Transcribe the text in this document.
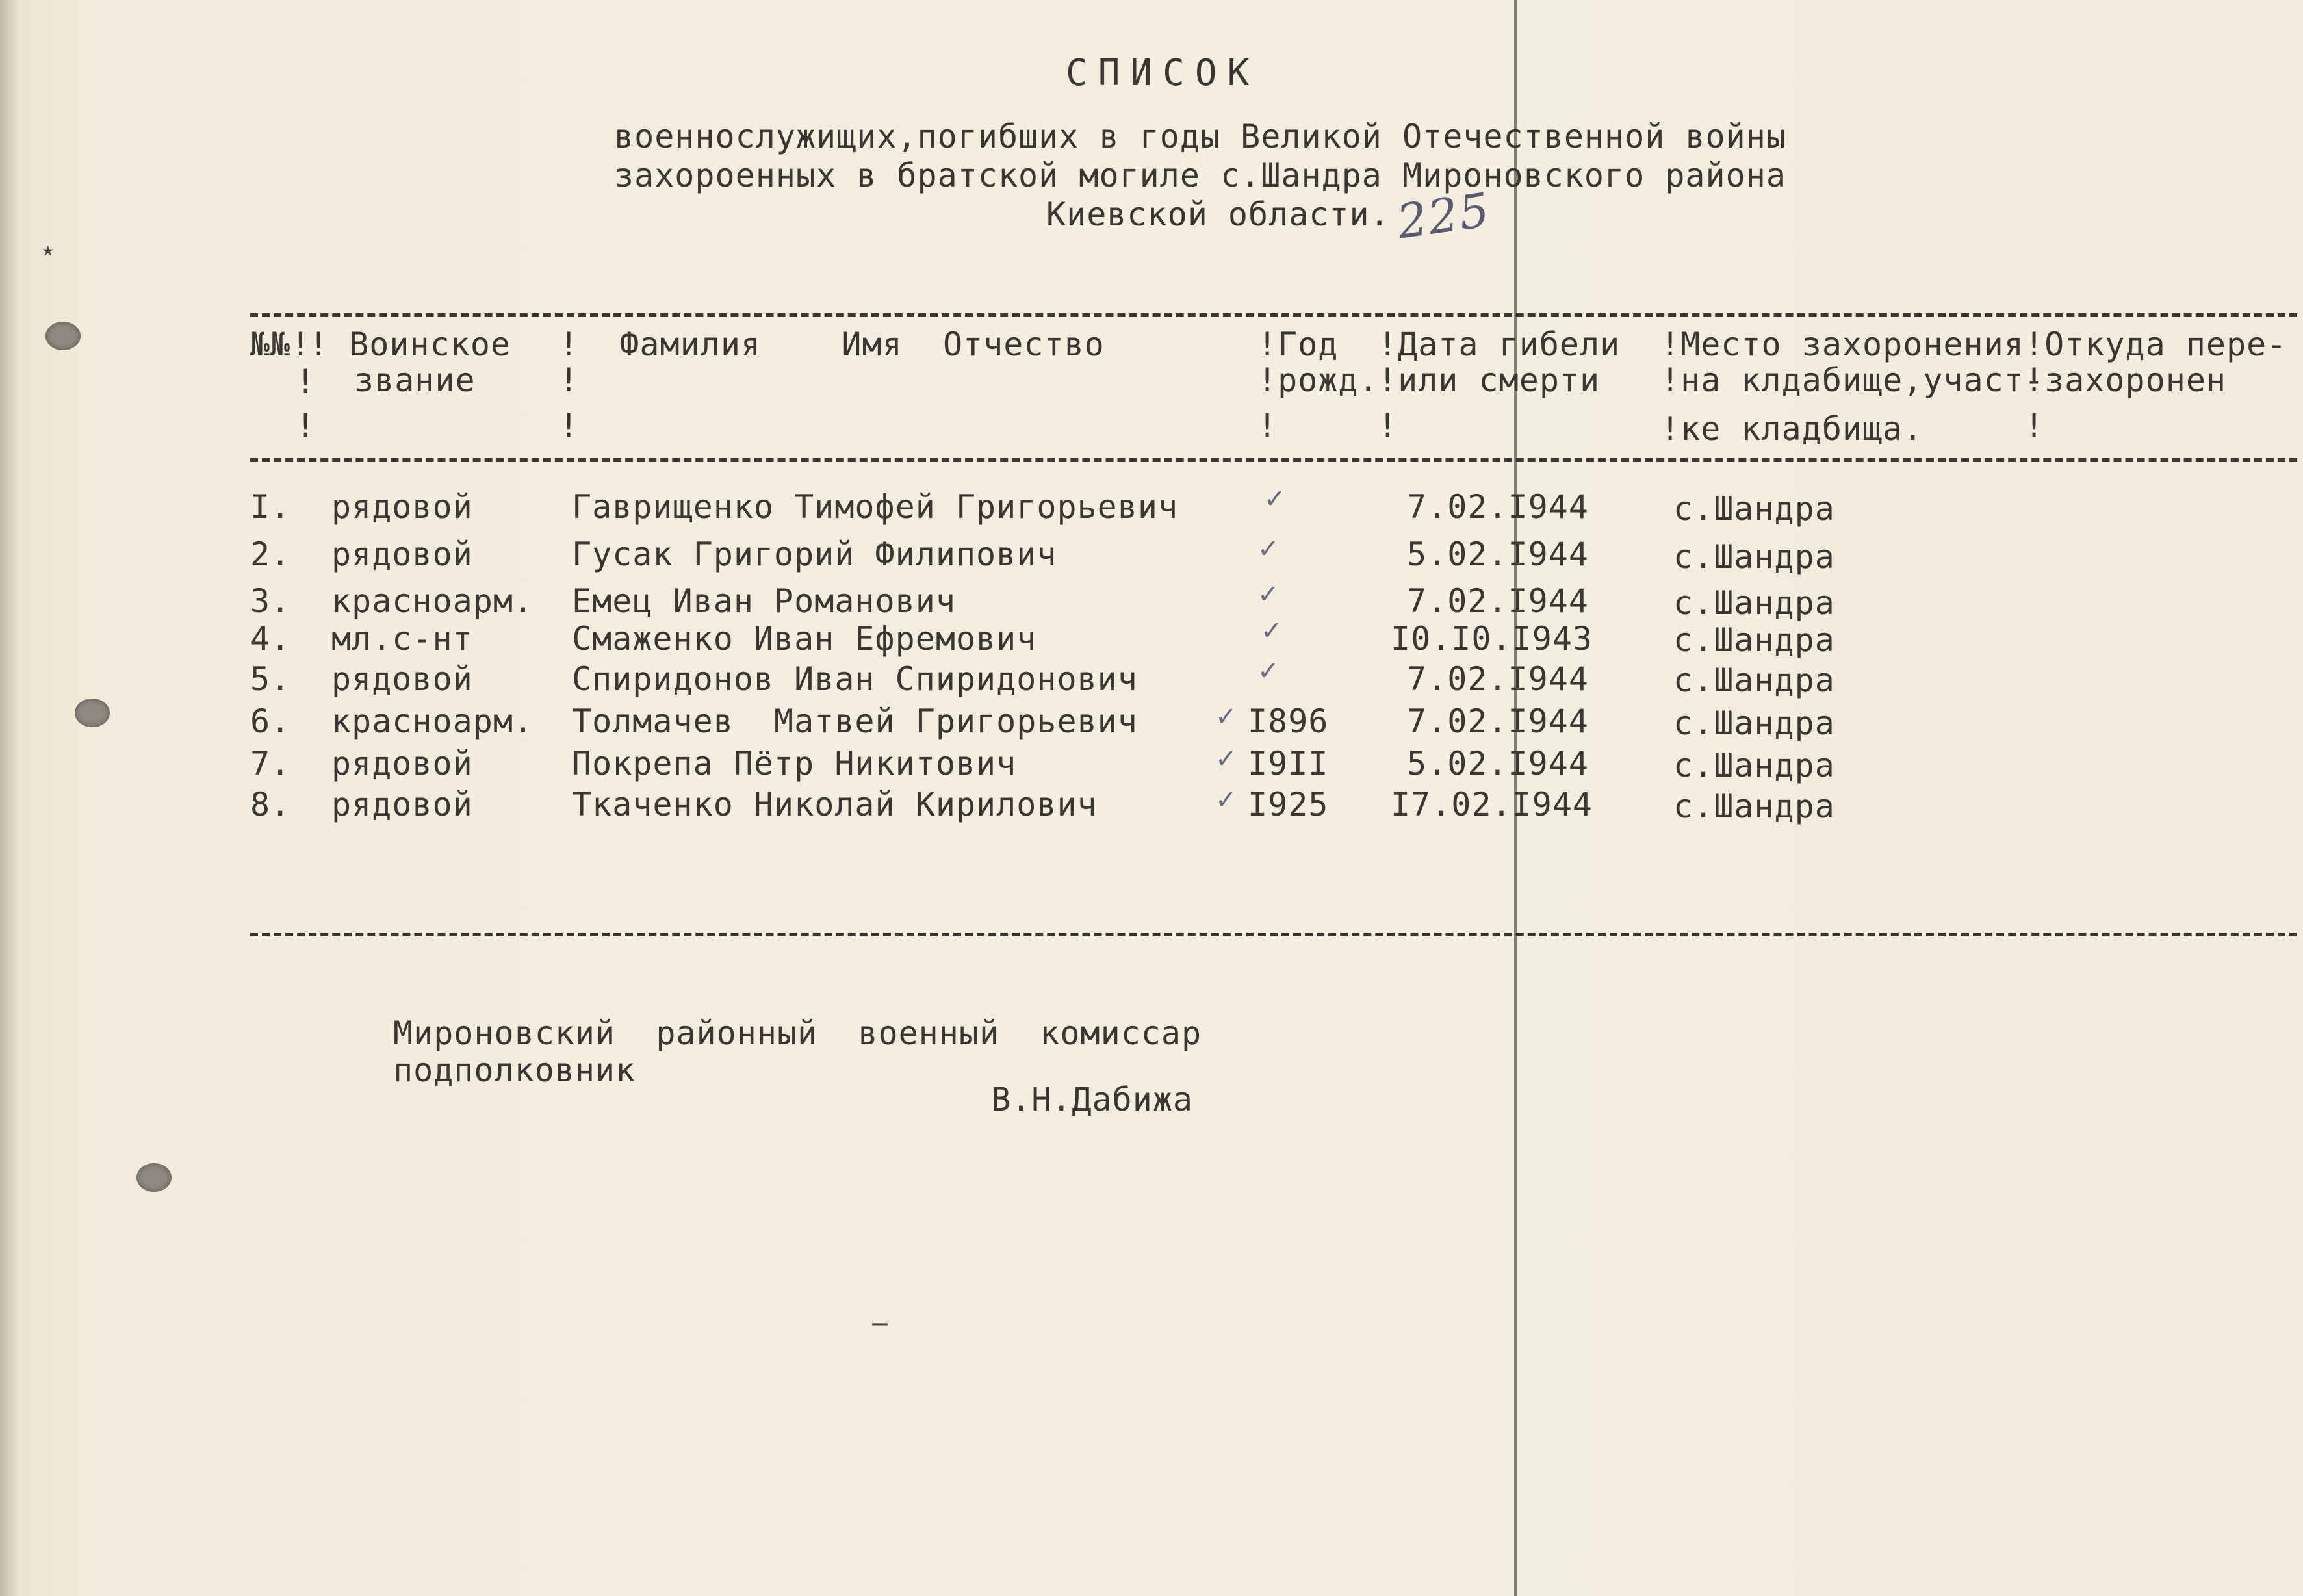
СПИСОК
военнослужищих,погибших в годы Великой Отечественной войны
захороенных в братской могиле с.Шандра Мироновского района
Киевской области. 225
№№!
!
!
! Воинское
звание	!
!
!  Фамилия    Имя  Отчество	!Год
!рожд.
!
!Дата гибели
!или смерти
!
!Место захоронения
!на клдабище,участ-
!ке кладбища.
!Откуда пере-
!захоронен
!
I. рядовой	Гаврищенко Тимофей Григорьевич	✓	7.02.I944	с.Шандра
2. рядовой	Гусак Григорий Филипович	✓	5.02.I944	с.Шандра
3. красноарм. Емец Иван Романович	✓	7.02.I944	с.Шандра
4. мл.с-нт	Смаженко Иван Ефремович	✓	I0.I0.I943 с.Шандра
5. рядовой	Спиридонов Иван Спиридонович	✓	7.02.I944	с.Шандра
6. красноарм. Толмачев  Матвей Григорьевич	✓ I896 7.02.I944	с.Шандра
7. рядовой	Покрепа Пётр Никитович	✓ I9II 5.02.I944	с.Шандра
8. рядовой	Ткаченко Николай Кирилович	✓ I925 I7.02.I944 с.Шандра
Мироновский  районный  военный  комиссар
подполковник
В.Н.Дабижа
⋆
‒
